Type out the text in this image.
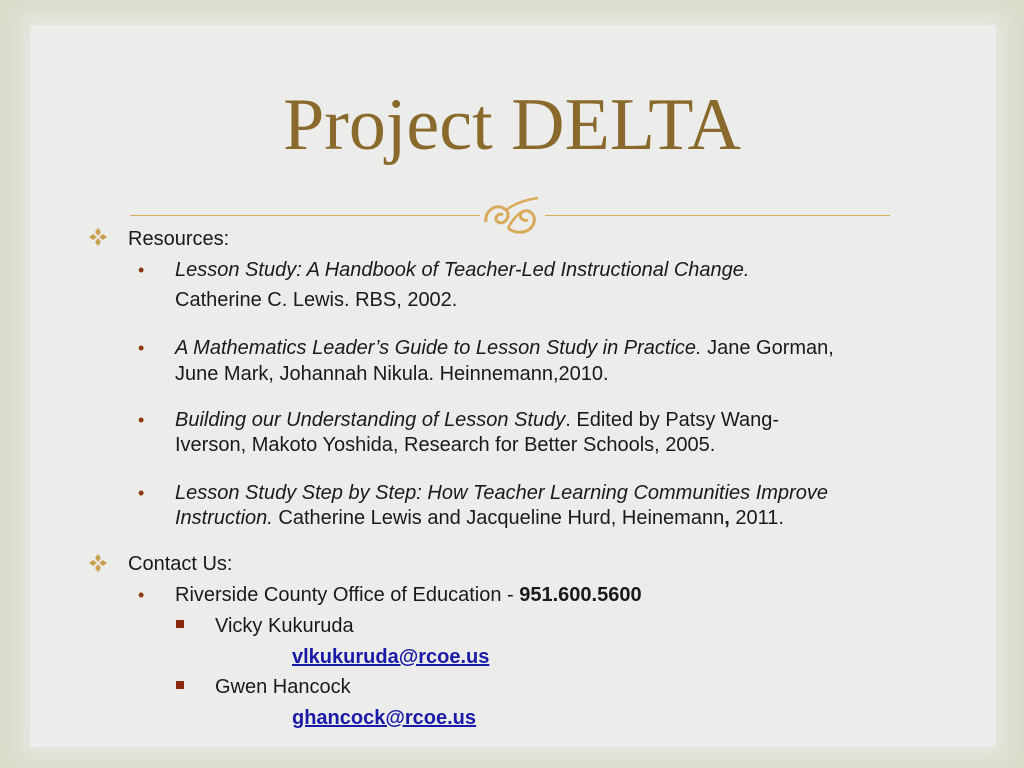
Project DELTA
Resources:
• Lesson Study: A Handbook of Teacher-Led Instructional Change.
Catherine C. Lewis. RBS, 2002.
• A Mathematics Leader’s Guide to Lesson Study in Practice. Jane Gorman,
June Mark, Johannah Nikula. Heinnemann,2010.
• Building our Understanding of Lesson Study. Edited by Patsy Wang-
Iverson, Makoto Yoshida, Research for Better Schools, 2005.
• Lesson Study Step by Step: How Teacher Learning Communities Improve
Instruction. Catherine Lewis and Jacqueline Hurd, Heinemann, 2011.
Contact Us:
• Riverside County Office of Education - 951.600.5600
Vicky Kukuruda
vlkukuruda@rcoe.us
Gwen Hancock
ghancock@rcoe.us
